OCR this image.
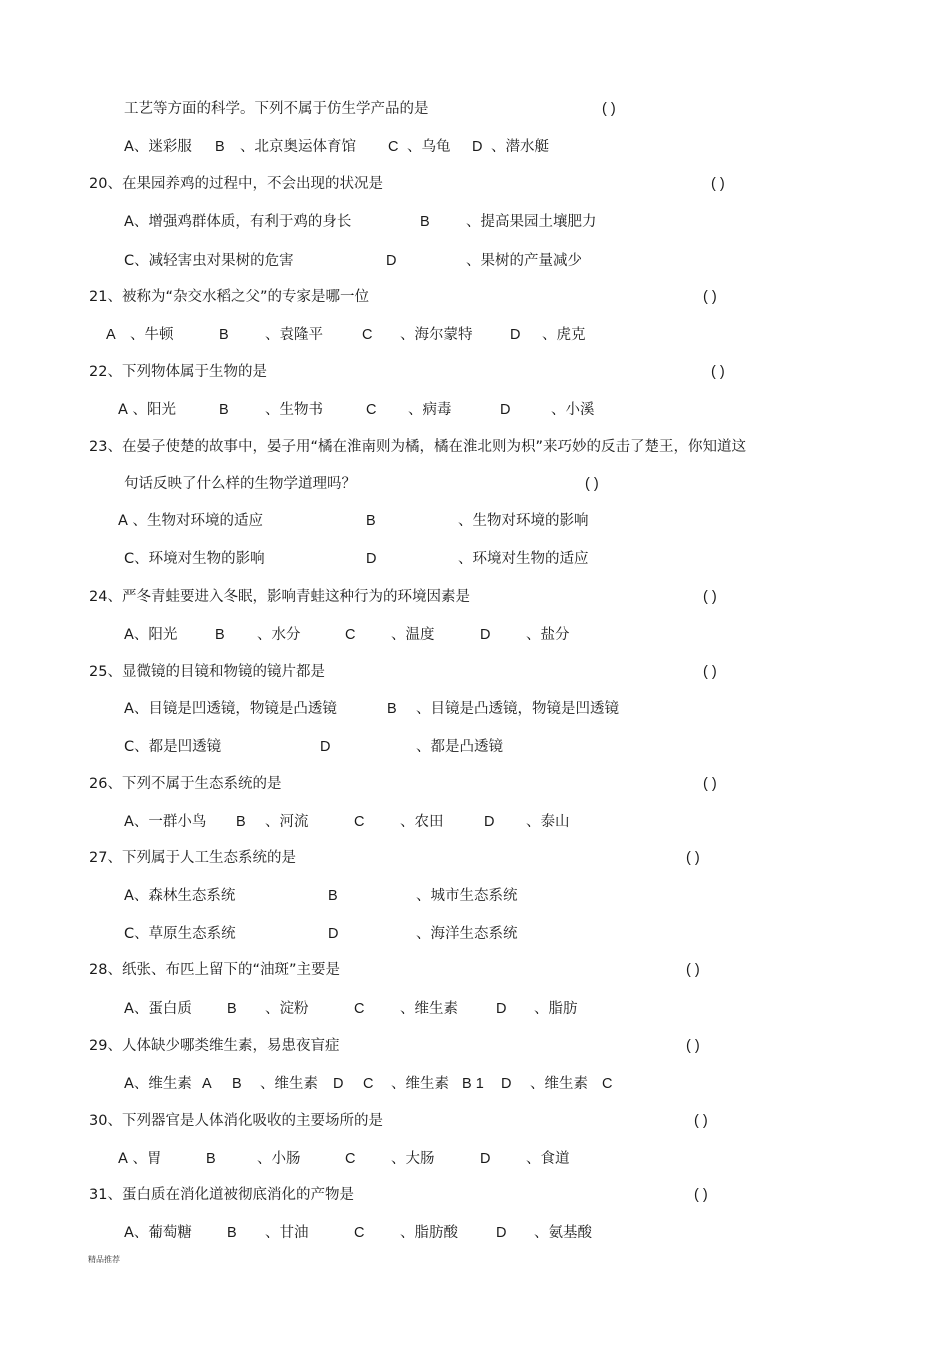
工艺等方面的科学。下列不属于仿生学产品的是	( )
A、迷彩服 B 、北京奥运体育馆 C 、乌龟 D 、潜水艇
20、在果园养鸡的过程中，不会出现的状况是	( )
A、增强鸡群体质，有利于鸡的身长	B	、提高果园土壤肥力
C、减轻害虫对果树的危害	D	、果树的产量减少
21、被称为“杂交水稻之父”的专家是哪一位	( )
A 、牛顿	B	、袁隆平	C 、海尔蒙特	D 、虎克
22、下列物体属于生物的是	( )
A 、阳光	B	、生物书	C 、病毒	D	、小溪
23、在晏子使楚的故事中，晏子用“橘在淮南则为橘，橘在淮北则为枳”来巧妙的反击了楚王，你知道这
句话反映了什么样的生物学道理吗？	( )
A 、生物对环境的适应	B	、生物对环境的影响
C、环境对生物的影响	D	、环境对生物的适应
24、严冬青蛙要进入冬眠，影响青蛙这种行为的环境因素是	( )
A、阳光	B 、水分	C 、温度	D 、盐分
25、显微镜的目镜和物镜的镜片都是	( )
A、目镜是凹透镜，物镜是凸透镜	B 、目镜是凸透镜，物镜是凹透镜
C、都是凹透镜	D	、都是凸透镜
26、下列不属于生态系统的是	( )
A、一群小鸟 B 、河流	C 、农田	D 、泰山
27、下列属于人工生态系统的是	( )
A、森林生态系统	B	、城市生态系统
C、草原生态系统	D	、海洋生态系统
28、纸张、布匹上留下的“油斑”主要是	( )
A、蛋白质 B 、淀粉	C 、维生素	D 、脂肪
29、人体缺少哪类维生素，易患夜盲症	( )
A、维生素 A B 、维生素 D C 、维生素 B 1 D 、维生素 C
30、下列器官是人体消化吸收的主要场所的是	( )
A 、胃	B	、小肠	C 、大肠	D 、食道
31、蛋白质在消化道被彻底消化的产物是	( )
A、葡萄糖 B 、甘油	C 、脂肪酸	D 、氨基酸
精品推荐
